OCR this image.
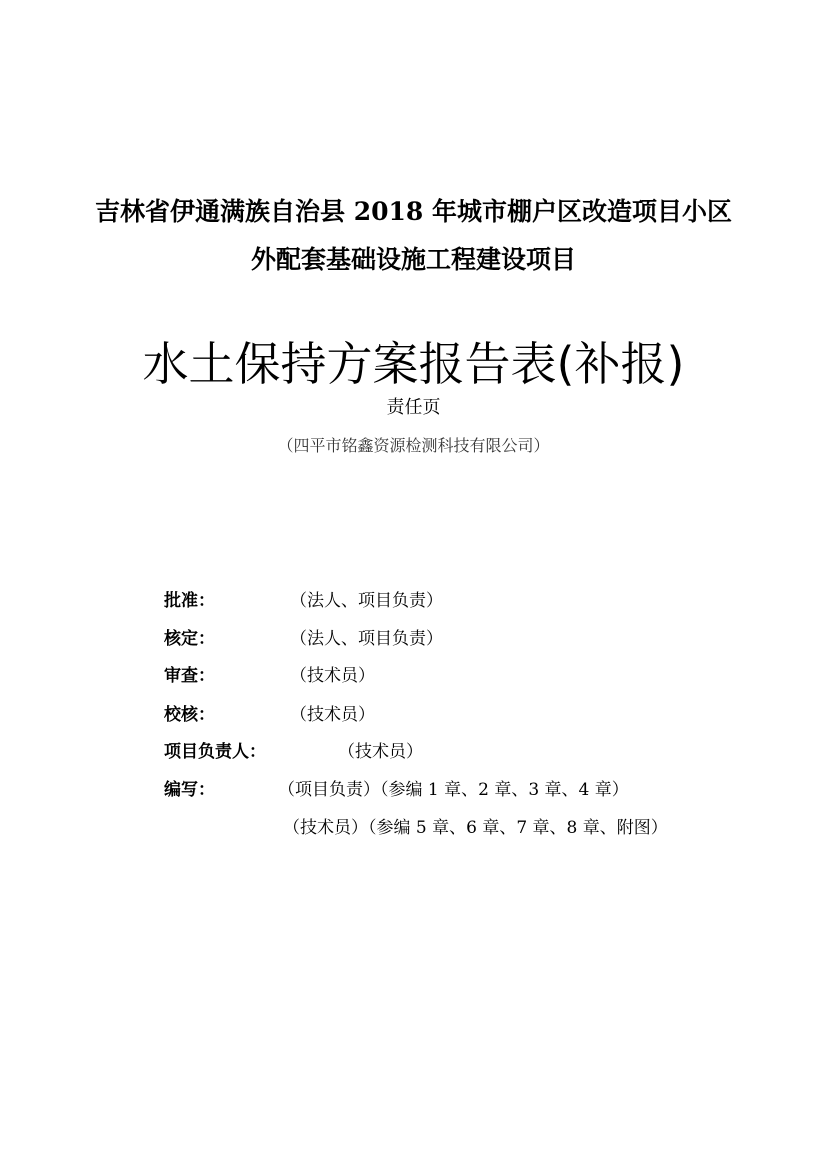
吉林省伊通满族自治县 2018 年城市棚户区改造项目小区
外配套基础设施工程建设项目
水土保持方案报告表(补报)
责任页
（四平市铭鑫资源检测科技有限公司）
批准：	（法人、项目负责）
核定：	（法人、项目负责）
审查：	（技术员）
校核：	（技术员）
项目负责人：	（技术员）
编写：	（项目负责）（参编 1 章、2 章、3 章、4 章）
（技术员）（参编 5 章、6 章、7 章、8 章、附图）
